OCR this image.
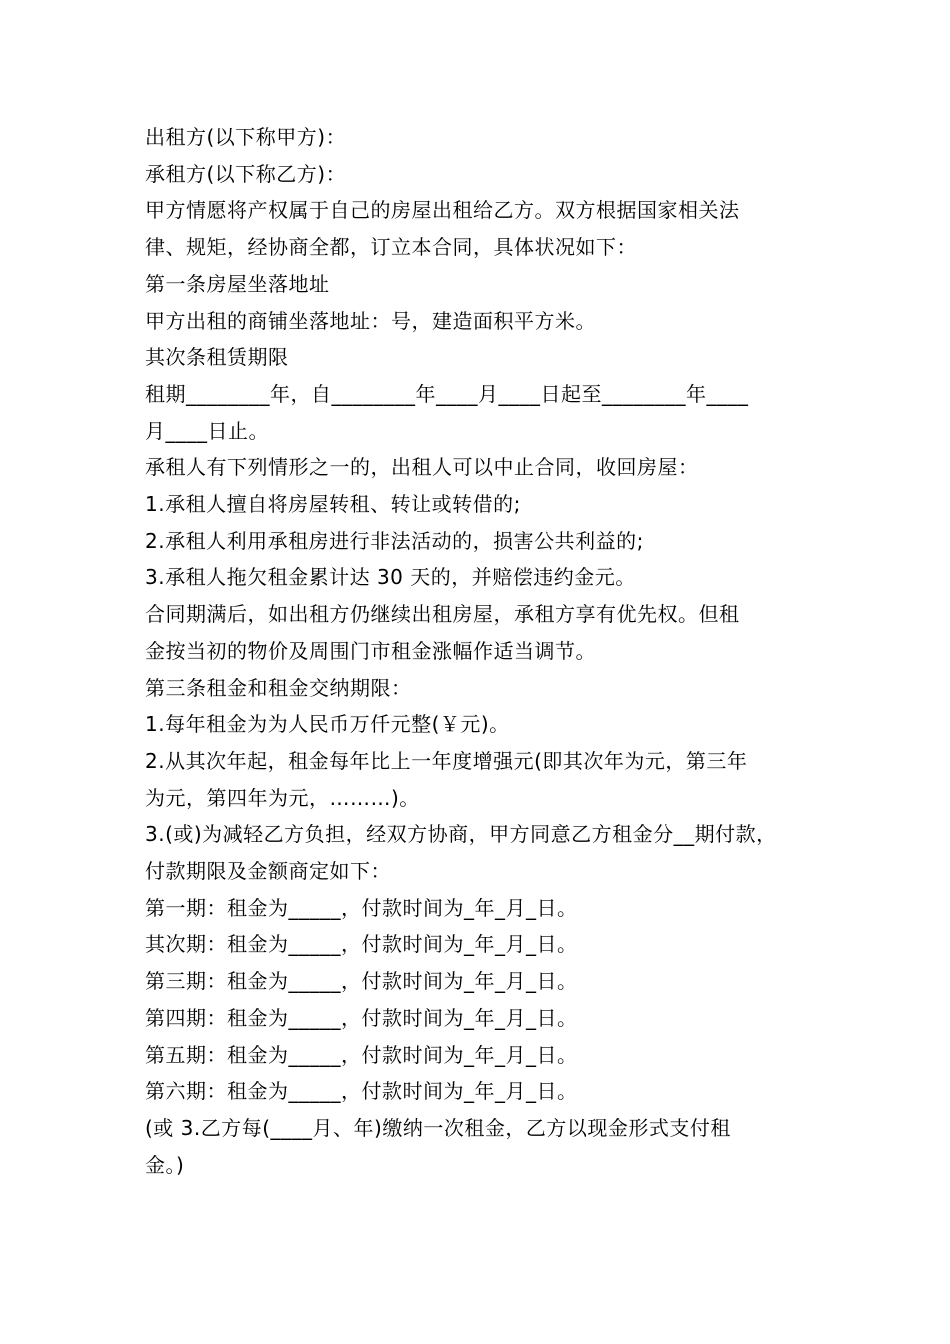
出租方(以下称甲方)：

承租方(以下称乙方)：

甲方情愿将产权属于自己的房屋出租给乙方。双方根据国家相关法

律、规矩，经协商全都，订立本合同，具体状况如下：

第一条房屋坐落地址

甲方出租的商铺坐落地址：号，建造面积平方米。

其次条租赁期限

租期________年，自________年____月____日起至________年____

月____日止。

承租人有下列情形之一的，出租人可以中止合同，收回房屋：

1.承租人擅自将房屋转租、转让或转借的;

2.承租人利用承租房进行非法活动的，损害公共利益的;

3.承租人拖欠租金累计达 30 天的，并赔偿违约金元。

合同期满后，如出租方仍继续出租房屋，承租方享有优先权。但租

金按当初的物价及周围门市租金涨幅作适当调节。

第三条租金和租金交纳期限：

1.每年租金为为人民币万仟元整(￥元)。

2.从其次年起，租金每年比上一年度增强元(即其次年为元，第三年

为元，第四年为元，………)。

3.(或)为减轻乙方负担，经双方协商，甲方同意乙方租金分__期付款，

付款期限及金额商定如下：

第一期：租金为_____，付款时间为_年_月_日。

其次期：租金为_____，付款时间为_年_月_日。

第三期：租金为_____，付款时间为_年_月_日。

第四期：租金为_____，付款时间为_年_月_日。

第五期：租金为_____，付款时间为_年_月_日。

第六期：租金为_____，付款时间为_年_月_日。

(或 3.乙方每(____月、年)缴纳一次租金，乙方以现金形式支付租

金。)
